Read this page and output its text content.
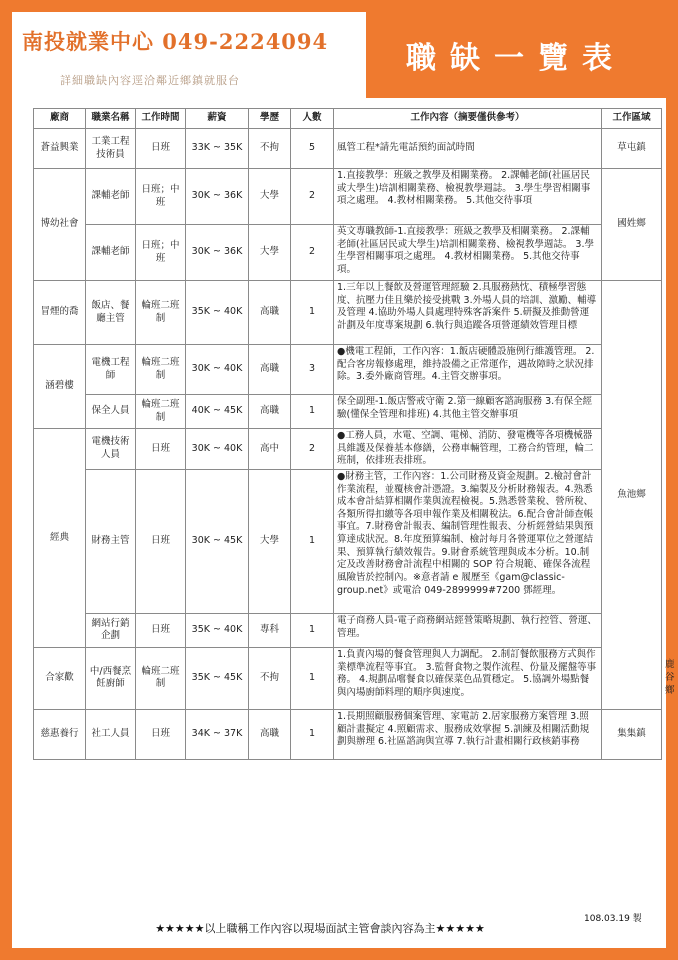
南投就業中心 049-2224094
詳細職缺內容逕洽鄰近鄉鎮就服台
職缺一覽表
廠商	職業名稱	工作時間	薪資	學歷	人數	工作內容（摘要僅供參考）	工作區域	
蒼益興業	工業工程技術員	日班	33K ~ 35K	不拘	5	風管工程*請先電話預約面試時間	草屯鎮	
博幼社會	課輔老師	日班；中班	30K ~ 36K	大學	2	1.直接教學：班級之教學及相關業務。 2.課輔老師(社區居民或大學生)培訓相關業務、檢視教學週誌。 3.學生學習相關事項之處理。 4.教材相關業務。 5.其他交待事項	國姓鄉	
	課輔老師	日班；中班	30K ~ 36K	大學	2	英文專職教師-1.直接教學：班級之教學及相關業務。 2.課輔老師(社區居民或大學生)培訓相關業務、檢視教學週誌。 3.學生學習相關事項之處理。 4.教材相關業務。 5.其他交待事項。		
冒煙的喬	飯店、餐廳主管	輪班二班制	35K ~ 40K	高職	1	1.三年以上餐飲及營運管理經驗 2.具服務熱忱、積極學習態度、抗壓力佳且樂於接受挑戰 3.外場人員的培訓、激勵、輔導及管理 4.協助外場人員處理特殊客訴案件 5.研擬及推動營運計劃及年度專案規劃 6.執行與追蹤各項營運績效管理目標	魚池鄉	
涵碧樓	電機工程師	輪班二班制	30K ~ 40K	高職	3	●機電工程師，工作內容：1.飯店硬體設施例行維護管理。 2.配合客房報修處理，維持設備之正常運作，遇故障時之狀況排除。3.委外廠商管理。4.主管交辦事項。		
	保全人員	輪班二班制	40K ~ 45K	高職	1	保全副理-1.飯店警戒守衛 2.第一線顧客諮詢服務 3.有保全經驗(懂保全管理和排班) 4.其他主管交辦事項		
經典	電機技術人員	日班	30K ~ 40K	高中	2	●工務人員，水電、空調、電梯、消防、發電機等各項機械器具維護及保養基本修繕，公務車輛管理，工務合約管理，輪二班制，依排班表排班。		
	財務主管	日班	30K ~ 45K	大學	1	●財務主管，工作內容：1.公司財務及資金規劃。2.檢討會計作業流程，並覆核會計憑證。3.編製及分析財務報表。4.熟悉成本會計結算相關作業與流程檢視。5.熟悉營業稅、營所稅、各類所得扣繳等各項申報作業及相關稅法。6.配合會計師查帳事宜。7.財務會計報表、編制管理性報表、分析經營結果與預算達成狀況。8.年度預算編制、檢討每月各營運單位之營運結果、預算執行績效報告。9.財會系統管理與成本分析。10.制定及改善財務會計流程中相關的 SOP 符合規範、確保各流程風險皆於控制內。※意者請 e 履歷至《gam@classic-group.net》或電洽 049-2899999#7200 鄧經理。		
	網站行銷企劃	日班	35K ~ 40K	專科	1	電子商務人員-電子商務網站經營策略規劃、執行控管、營運、管理。		
合家歡	中/西餐烹飪廚師	輪班二班制	35K ~ 45K	不拘	1	1.負責內場的餐食管理與人力調配。 2.制訂餐飲服務方式與作業標準流程等事宜。 3.監督食物之製作流程、份量及擺盤等事務。 4.規劃品嚐餐食以確保菜色品質穩定。 5.協調外場點餐與內場廚師料理的順序與速度。	
慈惠養行	社工人員	日班	34K ~ 37K	高職	1	1.長期照顧服務個案管理、家電訪 2.居家服務方案管理 3.照顧計畫擬定 4.照顧需求、服務成效掌握 5.訓練及相關活動規劃與辦理 6.社區諮詢與宣導 7.執行計畫相關行政核銷事務	集集鎮	
108.03.19 製
★★★★★以上職稱工作內容以現場面試主管會談內容為主★★★★★
